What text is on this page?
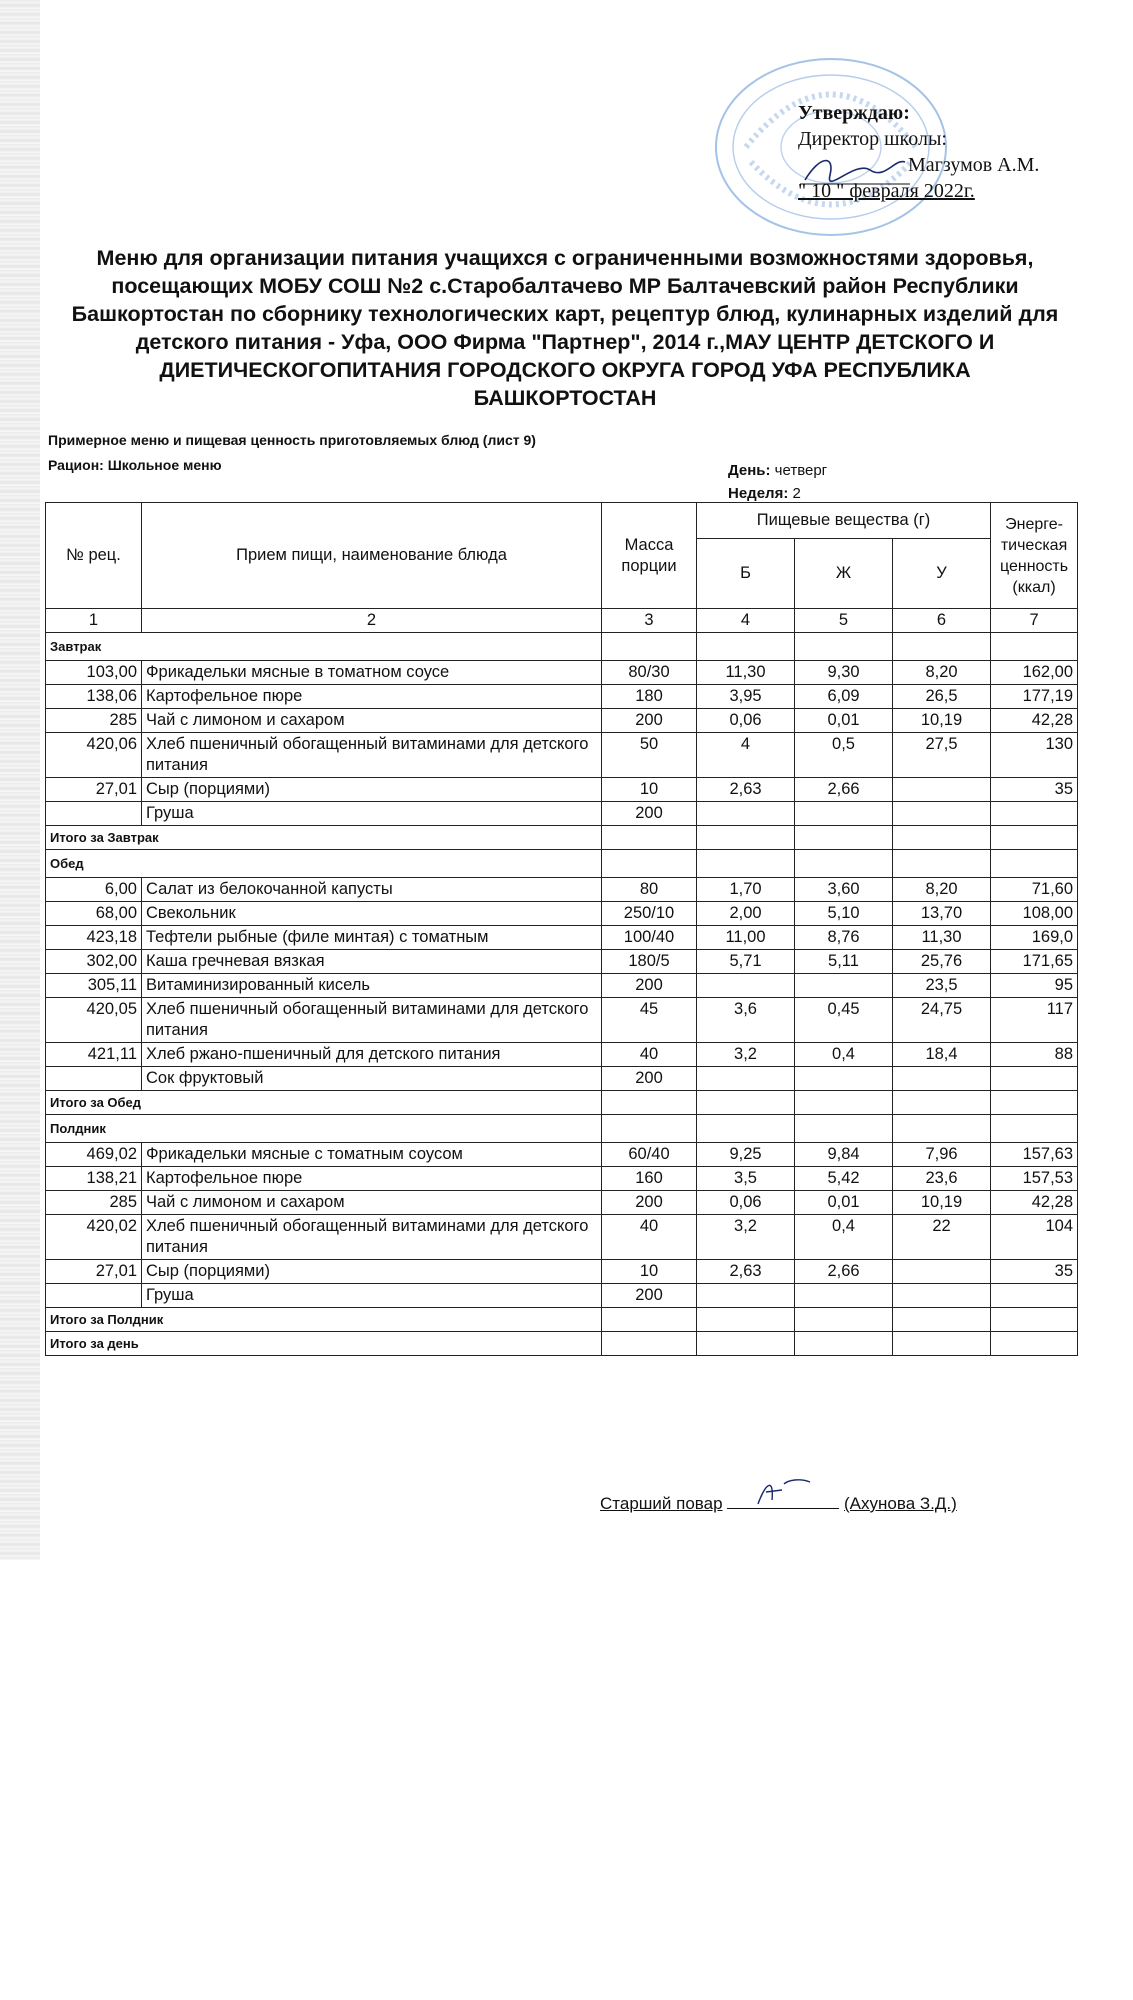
Утверждаю:
Директор школы:
Магзумов А.М.
" 10 " февраля 2022г.
Меню для организации питания учащихся с ограниченными возможностями здоровья, посещающих МОБУ СОШ №2 с.Старобалтачево МР Балтачевский район Республики Башкортостан по сборнику технологических карт, рецептур блюд, кулинарных изделий для детского питания - Уфа, ООО Фирма "Партнер", 2014 г.,МАУ ЦЕНТР ДЕТСКОГО И ДИЕТИЧЕСКОГОПИТАНИЯ ГОРОДСКОГО ОКРУГА ГОРОД УФА РЕСПУБЛИКА БАШКОРТОСТАН
Примерное меню и пищевая ценность приготовляемых блюд (лист 9)
Рацион: Школьное меню	День: четверг
Неделя: 2
№ рец.	Прием пищи, наименование блюда	Масса порции	Пищевые вещества (г)			Энерге-тическая ценность (ккал)
			Б	Ж	У	
1	2	3	4	5	6	7
Завтрак						
103,00	Фрикадельки мясные в томатном соусе	80/30	11,30	9,30	8,20	162,00
138,06	Картофельное пюре	180	3,95	6,09	26,5	177,19
285	Чай с лимоном и сахаром	200	0,06	0,01	10,19	42,28
420,06	Хлеб пшеничный обогащенный витаминами для детского питания	50	4	0,5	27,5	130
27,01	Сыр (порциями)	10	2,63	2,66		35
	Груша	200				
Итого за Завтрак						
Обед						
6,00	Салат из белокочанной капусты	80	1,70	3,60	8,20	71,60
68,00	Свекольник	250/10	2,00	5,10	13,70	108,00
423,18	Тефтели рыбные (филе минтая) с томатным	100/40	11,00	8,76	11,30	169,0
302,00	Каша гречневая вязкая	180/5	5,71	5,11	25,76	171,65
305,11	Витаминизированный кисель	200			23,5	95
420,05	Хлеб пшеничный обогащенный витаминами для детского питания	45	3,6	0,45	24,75	117
421,11	Хлеб ржано-пшеничный для детского питания	40	3,2	0,4	18,4	88
	Сок фруктовый	200				
Итого за Обед						
Полдник						
469,02	Фрикадельки мясные с томатным соусом	60/40	9,25	9,84	7,96	157,63
138,21	Картофельное пюре	160	3,5	5,42	23,6	157,53
285	Чай с лимоном и сахаром	200	0,06	0,01	10,19	42,28
420,02	Хлеб пшеничный обогащенный витаминами для детского питания	40	3,2	0,4	22	104
27,01	Сыр (порциями)	10	2,63	2,66		35
	Груша	200				
Итого за Полдник						
Итого за день						
Старший повар	(Ахунова З.Д.)
